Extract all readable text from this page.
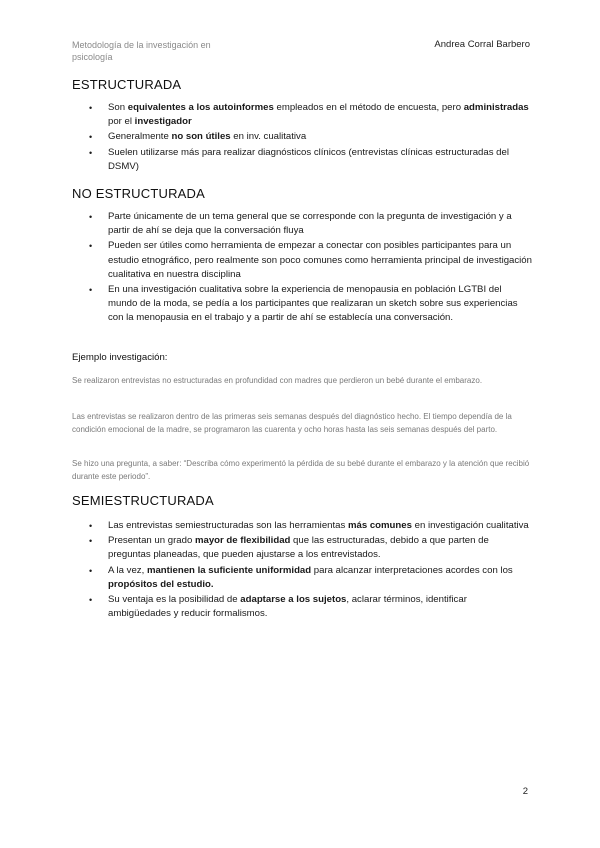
Metodología de la investigación en psicología
Andrea Corral Barbero
ESTRUCTURADA
• Son equivalentes a los autoinformes empleados en el método de encuesta, pero administradas por el investigador
• Generalmente no son útiles en inv. cualitativa
• Suelen utilizarse más para realizar diagnósticos clínicos (entrevistas clínicas estructuradas del DSMV)
NO ESTRUCTURADA
• Parte únicamente de un tema general que se corresponde con la pregunta de investigación y a partir de ahí se deja que la conversación fluya
• Pueden ser útiles como herramienta de empezar a conectar con posibles participantes para un estudio etnográfico, pero realmente son poco comunes como herramienta principal de investigación cualitativa en nuestra disciplina
• En una investigación cualitativa sobre la experiencia de menopausia en población LGTBI del mundo de la moda, se pedía a los participantes que realizaran un sketch sobre sus experiencias con la menopausia en el trabajo y a partir de ahí se establecía una conversación.
Ejemplo investigación:

Se realizaron entrevistas no estructuradas en profundidad con madres que perdieron un bebé durante el embarazo.

Las entrevistas se realizaron dentro de las primeras seis semanas después del diagnóstico hecho. El tiempo dependía de la condición emocional de la madre, se programaron las cuarenta y ocho horas hasta las seis semanas después del parto.

Se hizo una pregunta, a saber: “Describa cómo experimentó la pérdida de su bebé durante el embarazo y la atención que recibió durante este periodo”.

SEMIESTRUCTURADA
• Las entrevistas semiestructuradas son las herramientas más comunes en investigación cualitativa
• Presentan un grado mayor de flexibilidad que las estructuradas, debido a que parten de preguntas planeadas, que pueden ajustarse a los entrevistados.
• A la vez, mantienen la suficiente uniformidad para alcanzar interpretaciones acordes con los propósitos del estudio.
• Su ventaja es la posibilidad de adaptarse a los sujetos, aclarar términos, identificar ambigüedades y reducir formalismos.
2
